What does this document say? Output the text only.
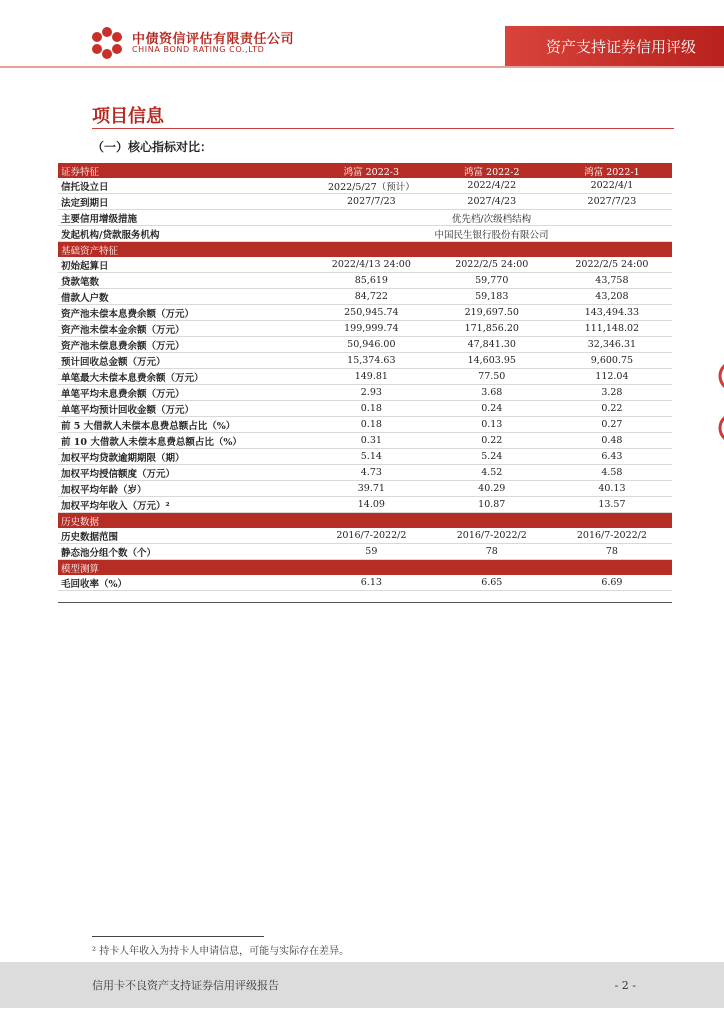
中债资信评估有限责任公司
CHINA BOND RATING CO.,LTD	资产支持证券信用评级
项目信息
（一）核心指标对比：
证券特征	鸿富 2022-3	鸿富 2022-2	鸿富 2022-1
信托设立日	2022/5/27（预计）	2022/4/22	2022/4/1
法定到期日	2027/7/23	2027/4/23	2027/7/23
主要信用增级措施	优先档/次级档结构		
发起机构/贷款服务机构	中国民生银行股份有限公司		
基础资产特征			
初始起算日	2022/4/13 24:00	2022/2/5 24:00	2022/2/5 24:00
贷款笔数	85,619	59,770	43,758
借款人户数	84,722	59,183	43,208
资产池未偿本息费余额（万元）	250,945.74	219,697.50	143,494.33
资产池未偿本金余额（万元）	199,999.74	171,856.20	111,148.02
资产池未偿息费余额（万元）	50,946.00	47,841.30	32,346.31
预计回收总金额（万元）	15,374.63	14,603.95	9,600.75
单笔最大未偿本息费余额（万元）	149.81	77.50	112.04
单笔平均未息费余额（万元）	2.93	3.68	3.28
单笔平均预计回收金额（万元）	0.18	0.24	0.22
前 5 大借款人未偿本息费总额占比（%）	0.18	0.13	0.27
前 10 大借款人未偿本息费总额占比（%）	0.31	0.22	0.48
加权平均贷款逾期期限（期）	5.14	5.24	6.43
加权平均授信额度（万元）	4.73	4.52	4.58
加权平均年龄（岁）	39.71	40.29	40.13
加权平均年收入（万元）²	14.09	10.87	13.57
历史数据			
历史数据范围	2016/7-2022/2	2016/7-2022/2	2016/7-2022/2
静态池分组个数（个）	59	78	78
模型测算			
毛回收率（%）	6.13	6.65	6.69
² 持卡人年收入为持卡人申请信息，可能与实际存在差异。
信用卡不良资产支持证券信用评级报告	- 2 -
